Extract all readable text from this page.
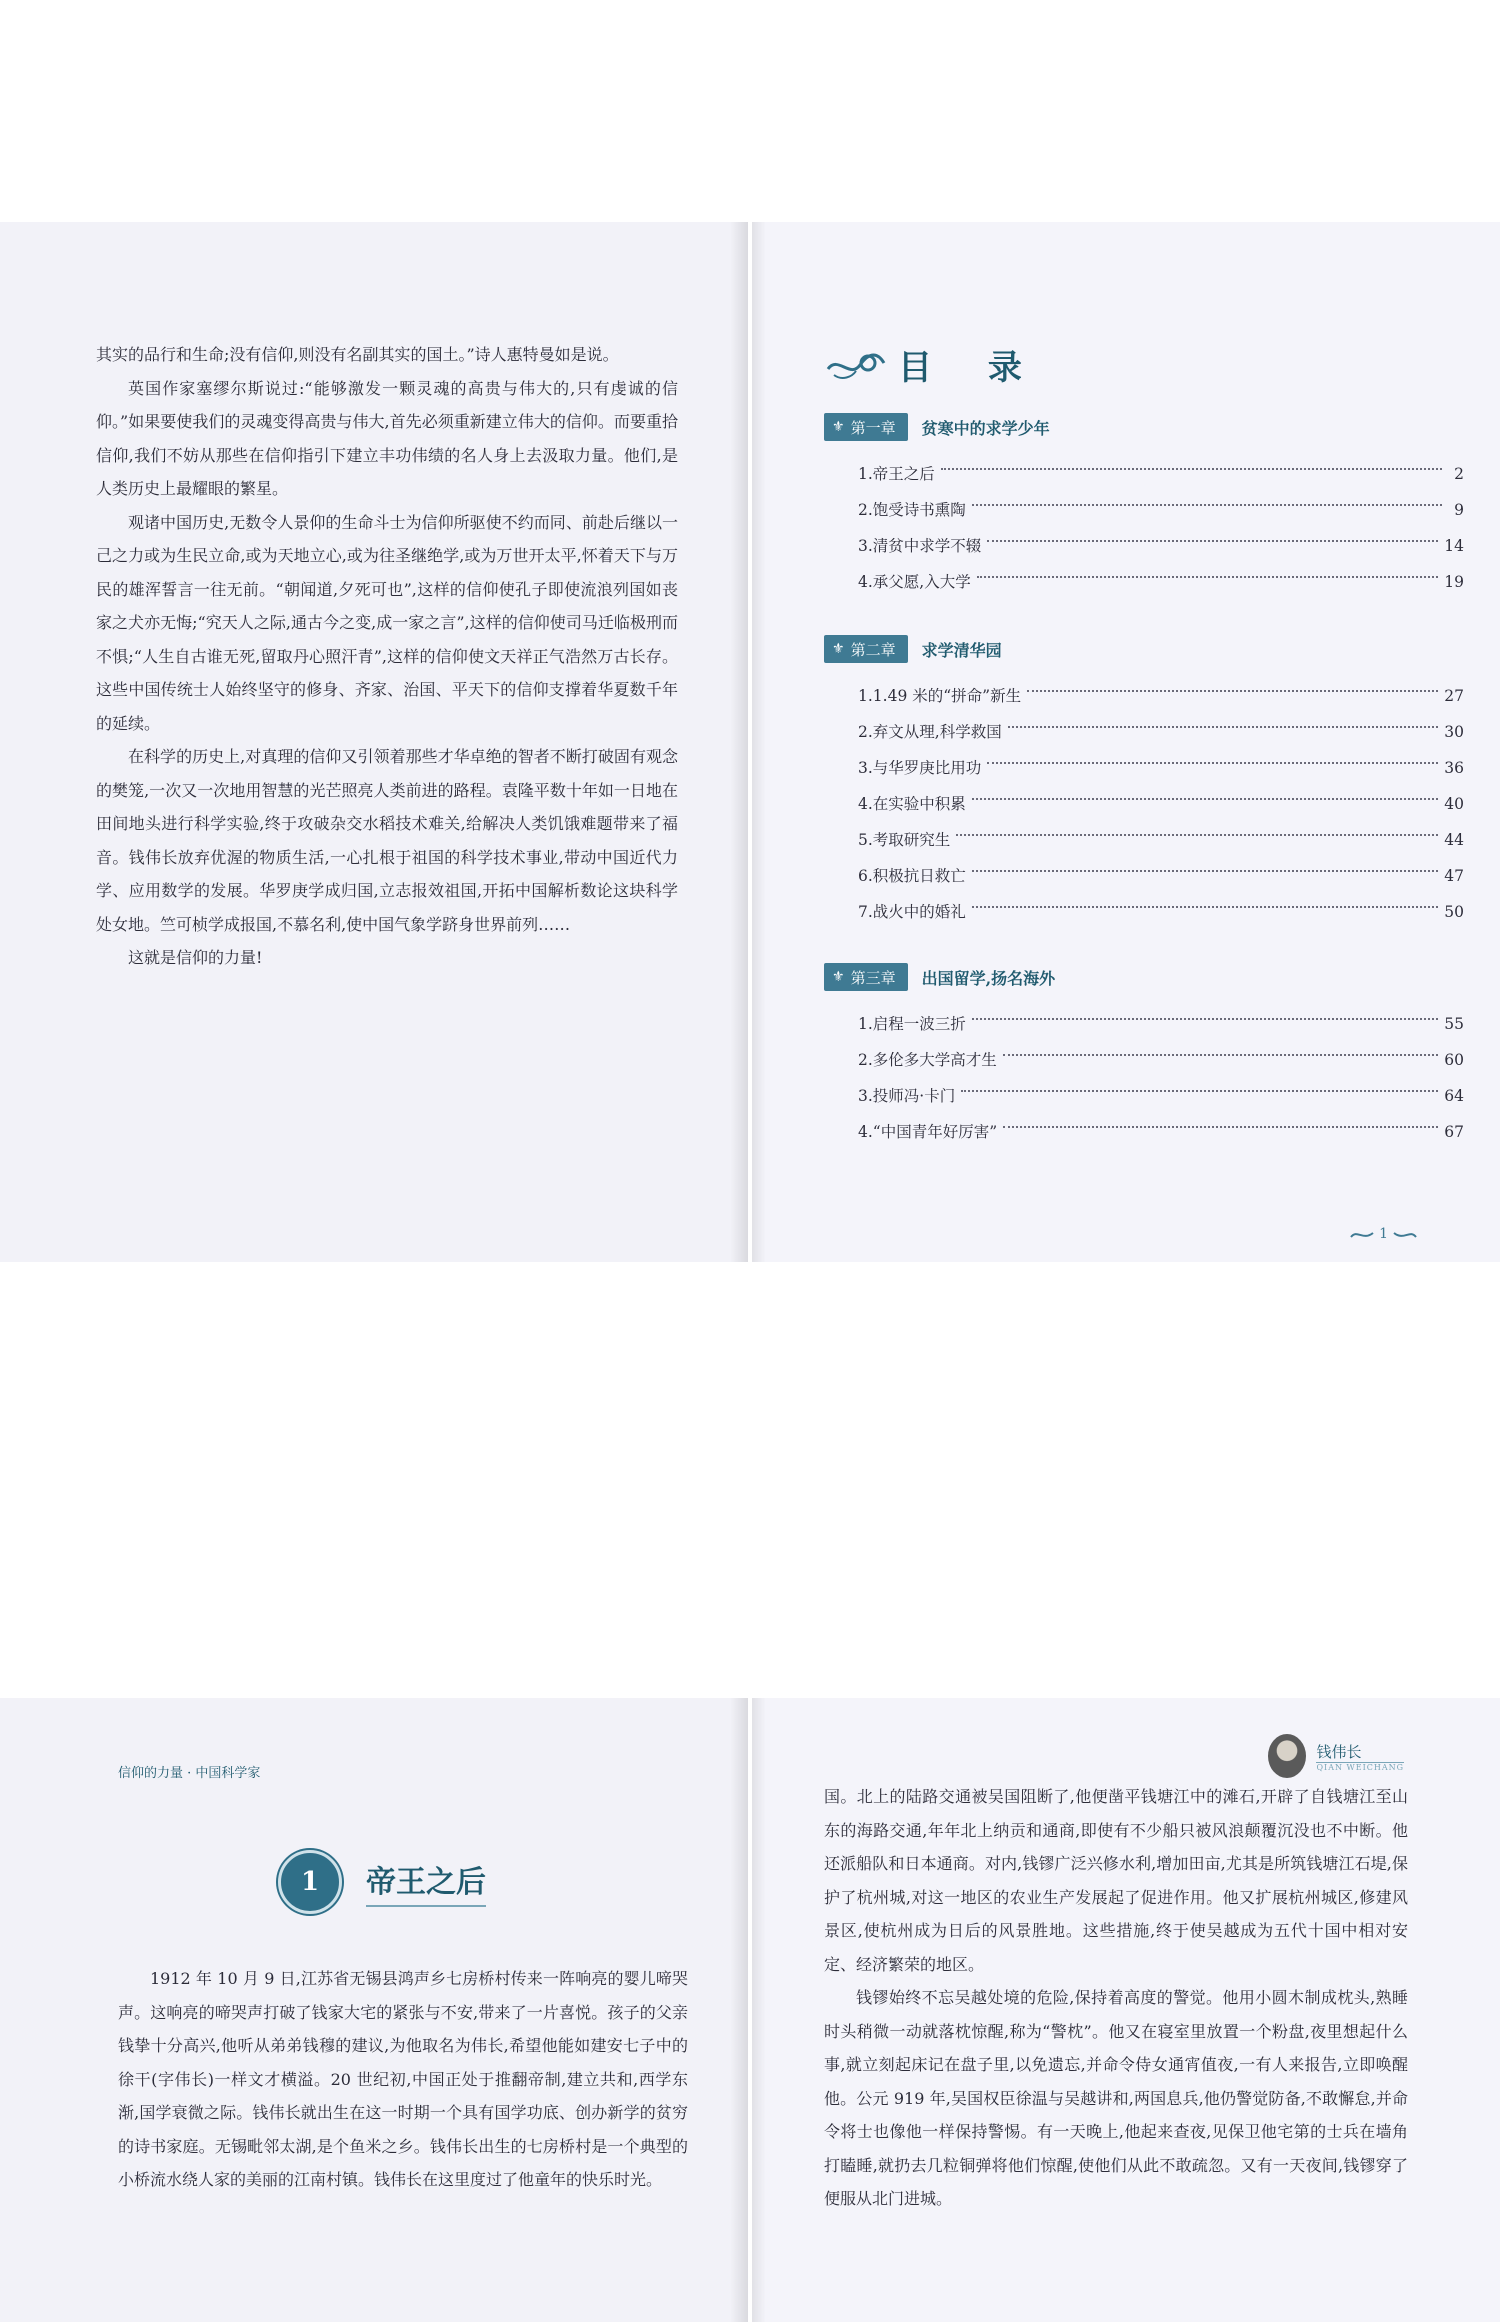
其实的品行和生命;没有信仰,则没有名副其实的国土。”诗人惠特曼如是说。

英国作家塞缪尔斯说过:“能够激发一颗灵魂的高贵与伟大的,只有虔诚的信仰。”如果要使我们的灵魂变得高贵与伟大,首先必须重新建立伟大的信仰。而要重拾信仰,我们不妨从那些在信仰指引下建立丰功伟绩的名人身上去汲取力量。他们,是人类历史上最耀眼的繁星。

观诸中国历史,无数令人景仰的生命斗士为信仰所驱使不约而同、前赴后继以一己之力或为生民立命,或为天地立心,或为往圣继绝学,或为万世开太平,怀着天下与万民的雄浑誓言一往无前。“朝闻道,夕死可也”,这样的信仰使孔子即使流浪列国如丧家之犬亦无悔;“究天人之际,通古今之变,成一家之言”,这样的信仰使司马迁临极刑而不惧;“人生自古谁无死,留取丹心照汗青”,这样的信仰使文天祥正气浩然万古长存。这些中国传统士人始终坚守的修身、齐家、治国、平天下的信仰支撑着华夏数千年的延续。

在科学的历史上,对真理的信仰又引领着那些才华卓绝的智者不断打破固有观念的樊笼,一次又一次地用智慧的光芒照亮人类前进的路程。袁隆平数十年如一日地在田间地头进行科学实验,终于攻破杂交水稻技术难关,给解决人类饥饿难题带来了福音。钱伟长放弃优渥的物质生活,一心扎根于祖国的科学技术事业,带动中国近代力学、应用数学的发展。华罗庚学成归国,立志报效祖国,开拓中国解析数论这块科学处女地。竺可桢学成报国,不慕名利,使中国气象学跻身世界前列……

这就是信仰的力量!

目 录
⚜ 第一章 贫寒中的求学少年
1.帝王之后	2
2.饱受诗书熏陶	9
3.清贫中求学不辍	14
4.承父愿,入大学	19
⚜ 第二章 求学清华园
1.1.49 米的“拼命”新生	27
2.弃文从理,科学救国	30
3.与华罗庚比用功	36
4.在实验中积累	40
5.考取研究生	44
6.积极抗日救亡	47
7.战火中的婚礼	50
⚜ 第三章 出国留学,扬名海外
1.启程一波三折	55
2.多伦多大学高才生	60
3.投师冯·卡门	64
4.“中国青年好厉害”	67
1
信仰的力量 · 中国科学家
1	帝王之后

1912 年 10 月 9 日,江苏省无锡县鸿声乡七房桥村传来一阵响亮的婴儿啼哭声。这响亮的啼哭声打破了钱家大宅的紧张与不安,带来了一片喜悦。孩子的父亲钱挚十分高兴,他听从弟弟钱穆的建议,为他取名为伟长,希望他能如建安七子中的徐干(字伟长)一样文才横溢。20 世纪初,中国正处于推翻帝制,建立共和,西学东渐,国学衰微之际。钱伟长就出生在这一时期一个具有国学功底、创办新学的贫穷的诗书家庭。无锡毗邻太湖,是个鱼米之乡。钱伟长出生的七房桥村是一个典型的小桥流水绕人家的美丽的江南村镇。钱伟长在这里度过了他童年的快乐时光。

钱伟长
QIAN WEICHANG

国。北上的陆路交通被吴国阻断了,他便凿平钱塘江中的滩石,开辟了自钱塘江至山东的海路交通,年年北上纳贡和通商,即使有不少船只被风浪颠覆沉没也不中断。他还派船队和日本通商。对内,钱镠广泛兴修水利,增加田亩,尤其是所筑钱塘江石堤,保护了杭州城,对这一地区的农业生产发展起了促进作用。他又扩展杭州城区,修建风景区,使杭州成为日后的风景胜地。这些措施,终于使吴越成为五代十国中相对安定、经济繁荣的地区。

钱镠始终不忘吴越处境的危险,保持着高度的警觉。他用小圆木制成枕头,熟睡时头稍微一动就落枕惊醒,称为“警枕”。他又在寝室里放置一个粉盘,夜里想起什么事,就立刻起床记在盘子里,以免遗忘,并命令侍女通宵值夜,一有人来报告,立即唤醒他。公元 919 年,吴国权臣徐温与吴越讲和,两国息兵,他仍警觉防备,不敢懈怠,并命令将士也像他一样保持警惕。有一天晚上,他起来查夜,见保卫他宅第的士兵在墙角打瞌睡,就扔去几粒铜弹将他们惊醒,使他们从此不敢疏忽。又有一天夜间,钱镠穿了便服从北门进城。
